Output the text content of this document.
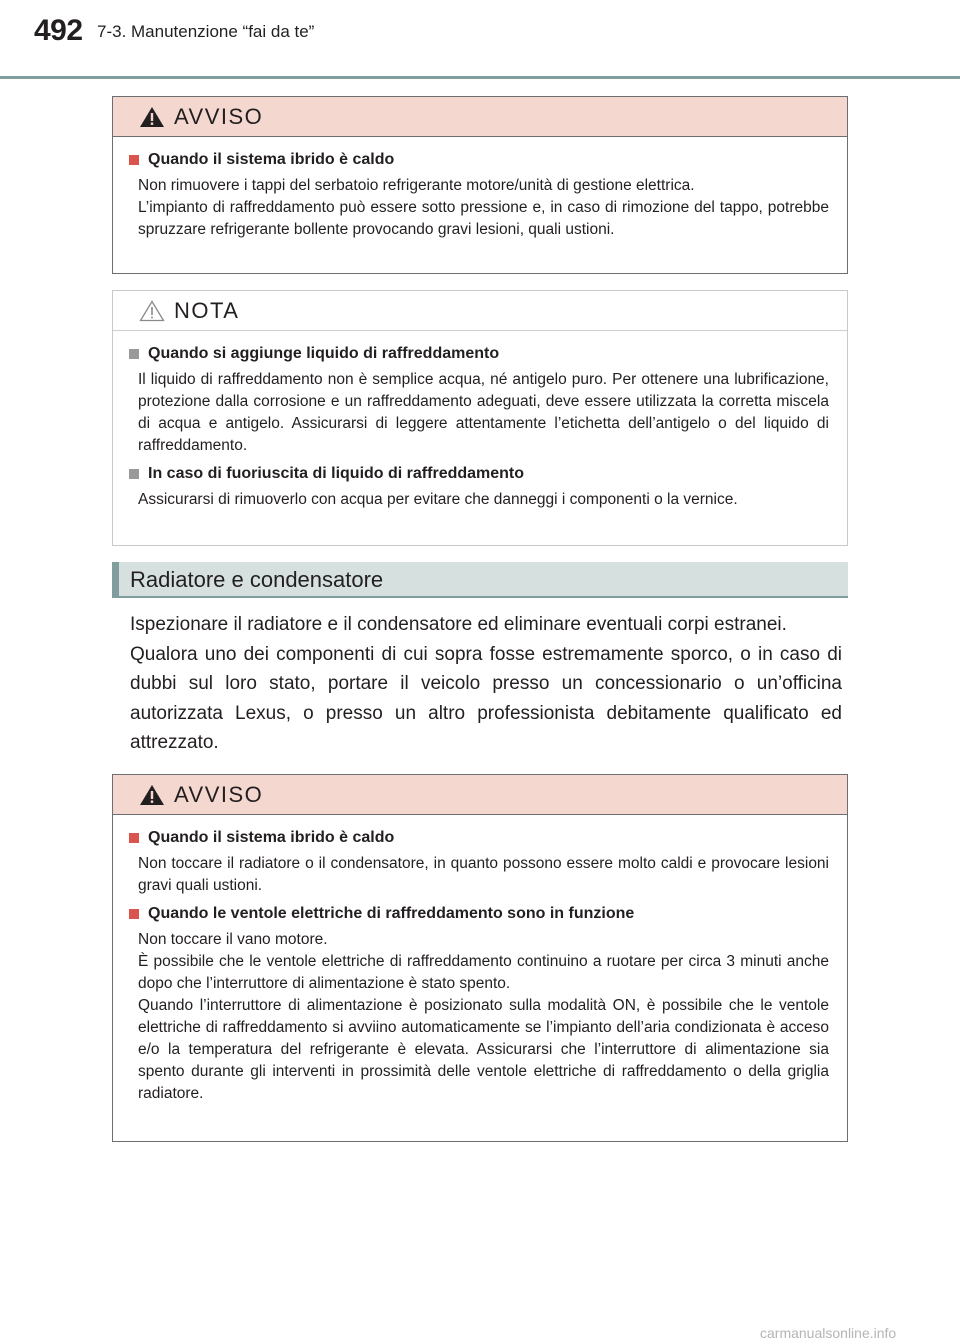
492 7-3. Manutenzione “fai da te”
AVVISO
Quando il sistema ibrido è caldo

Non rimuovere i tappi del serbatoio refrigerante motore/unità di gestione elettrica.

L’impianto di raffreddamento può essere sotto pressione e, in caso di rimozione del tappo, potrebbe spruzzare refrigerante bollente provocando gravi lesioni, quali ustioni.

NOTA
Quando si aggiunge liquido di raffreddamento

Il liquido di raffreddamento non è semplice acqua, né antigelo puro. Per ottenere una lubrificazione, protezione dalla corrosione e un raffreddamento adeguati, deve essere utilizzata la corretta miscela di acqua e antigelo. Assicurarsi di leggere attentamente l’etichetta dell’antigelo o del liquido di raffreddamento.

In caso di fuoriuscita di liquido di raffreddamento

Assicurarsi di rimuoverlo con acqua per evitare che danneggi i componenti o la vernice.

Radiatore e condensatore

Ispezionare il radiatore e il condensatore ed eliminare eventuali corpi estranei.

Qualora uno dei componenti di cui sopra fosse estremamente sporco, o in caso di dubbi sul loro stato, portare il veicolo presso un concessionario o un’officina autorizzata Lexus, o presso un altro professionista debitamente qualificato ed attrezzato.

AVVISO
Quando il sistema ibrido è caldo

Non toccare il radiatore o il condensatore, in quanto possono essere molto caldi e provocare lesioni gravi quali ustioni.

Quando le ventole elettriche di raffreddamento sono in funzione

Non toccare il vano motore.

È possibile che le ventole elettriche di raffreddamento continuino a ruotare per circa 3 minuti anche dopo che l’interruttore di alimentazione è stato spento.

Quando l’interruttore di alimentazione è posizionato sulla modalità ON, è possibile che le ventole elettriche di raffreddamento si avviino automaticamente se l’impianto dell’aria condizionata è acceso e/o la temperatura del refrigerante è elevata. Assicurarsi che l’interruttore di alimentazione sia spento durante gli interventi in prossimità delle ventole elettriche di raffreddamento o della griglia radiatore.

carmanualsonline.info
